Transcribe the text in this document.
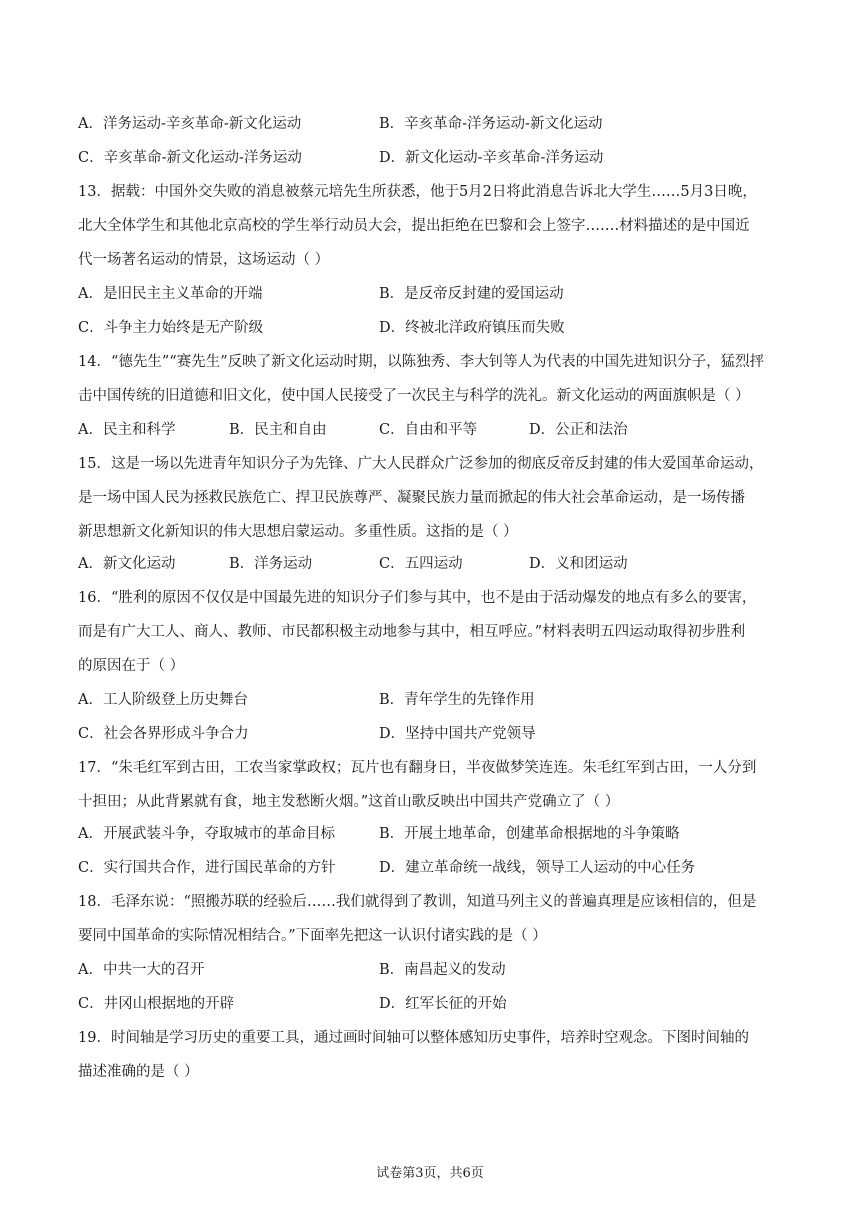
A．洋务运动-辛亥革命-新文化运动	B．辛亥革命-洋务运动-新文化运动
C．辛亥革命-新文化运动-洋务运动	D．新文化运动-辛亥革命-洋务运动
13．据载：中国外交失败的消息被蔡元培先生所获悉，他于5月2日将此消息告诉北大学生……5月3日晚，
北大全体学生和其他北京高校的学生举行动员大会，提出拒绝在巴黎和会上签字…….材料描述的是中国近
代一场著名运动的情景，这场运动（ ）
A．是旧民主主义革命的开端	B．是反帝反封建的爱国运动
C．斗争主力始终是无产阶级	D．终被北洋政府镇压而失败
14．“德先生”“赛先生”反映了新文化运动时期，以陈独秀、李大钊等人为代表的中国先进知识分子，猛烈抨
击中国传统的旧道德和旧文化，使中国人民接受了一次民主与科学的洗礼。新文化运动的两面旗帜是（ ）
A．民主和科学	B．民主和自由	C．自由和平等	D．公正和法治
15．这是一场以先进青年知识分子为先锋、广大人民群众广泛参加的彻底反帝反封建的伟大爱国革命运动，
是一场中国人民为拯救民族危亡、捍卫民族尊严、凝聚民族力量而掀起的伟大社会革命运动，是一场传播
新思想新文化新知识的伟大思想启蒙运动。多重性质。这指的是（ ）
A．新文化运动	B．洋务运动	C．五四运动	D．义和团运动
16．“胜利的原因不仅仅是中国最先进的知识分子们参与其中，也不是由于活动爆发的地点有多么的要害，
而是有广大工人、商人、教师、市民都积极主动地参与其中，相互呼应。”材料表明五四运动取得初步胜利
的原因在于（ ）
A．工人阶级登上历史舞台	B．青年学生的先锋作用
C．社会各界形成斗争合力	D．坚持中国共产党领导
17．“朱毛红军到古田，工农当家掌政权；瓦片也有翻身日，半夜做梦笑连连。朱毛红军到古田，一人分到
十担田；从此背累就有食，地主发愁断火烟。”这首山歌反映出中国共产党确立了（ ）
A．开展武装斗争，夺取城市的革命目标	B．开展土地革命，创建革命根据地的斗争策略
C．实行国共合作，进行国民革命的方针	D．建立革命统一战线，领导工人运动的中心任务
18．毛泽东说：“照搬苏联的经验后……我们就得到了教训，知道马列主义的普遍真理是应该相信的，但是
要同中国革命的实际情况相结合。”下面率先把这一认识付诸实践的是（ ）
A．中共一大的召开	B．南昌起义的发动
C．井冈山根据地的开辟	D．红军长征的开始
19．时间轴是学习历史的重要工具，通过画时间轴可以整体感知历史事件，培养时空观念。下图时间轴的
描述准确的是（ ）
试卷第3页，共6页
